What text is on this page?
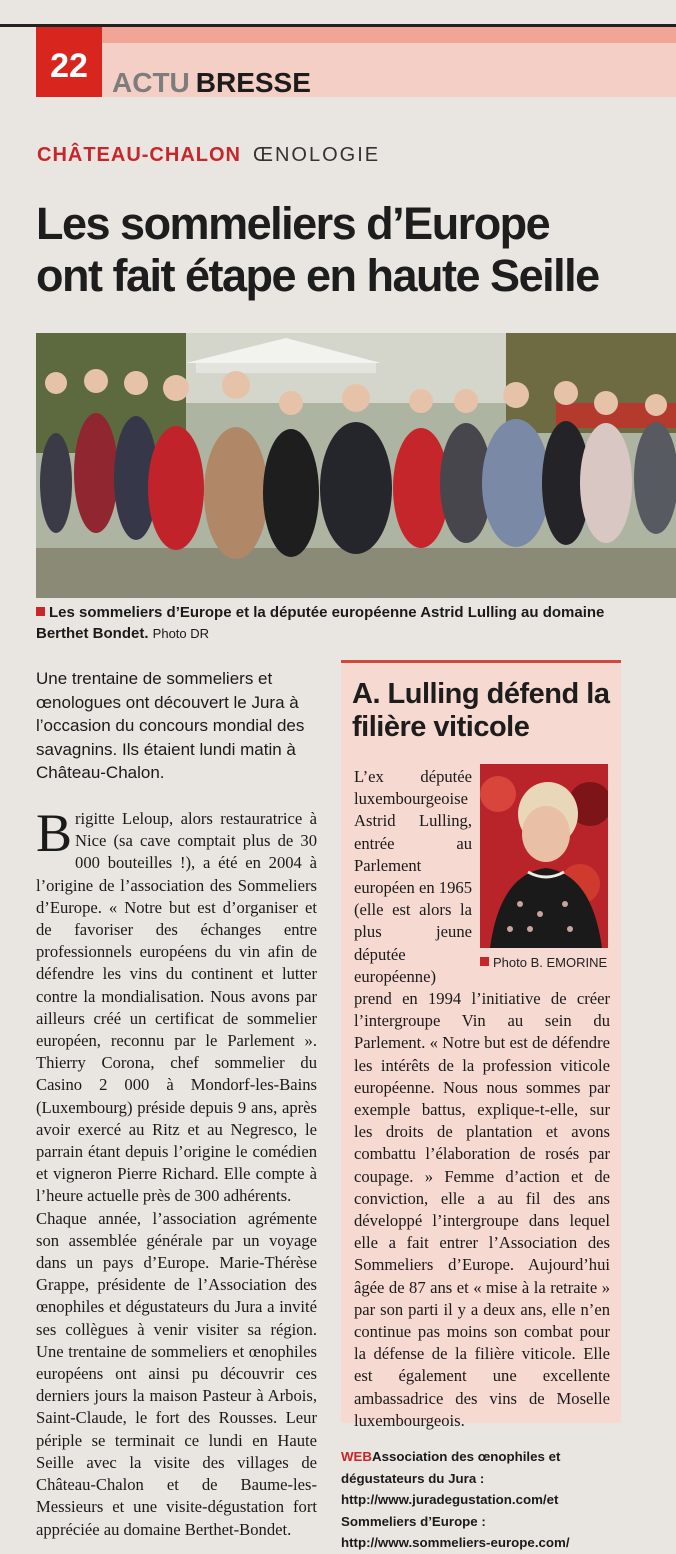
22 ACTU BRESSE
CHÂTEAU-CHALON ŒNOLOGIE
Les sommeliers d’Europe
ont fait étape en haute Seille
Les sommeliers d’Europe et la députée européenne Astrid Lulling au domaine Berthet Bondet. Photo DR
Une trentaine de sommeliers et œnologues ont découvert le Jura à l’occasion du concours mondial des savagnins. Ils étaient lundi matin à Château-Chalon.

Brigitte Leloup, alors restauratrice à Nice (sa cave comptait plus de 30 000 bouteilles !), a été en 2004 à l’origine de l’association des Sommeliers d’Europe. « Notre but est d’organiser et de favoriser des échanges entre professionnels européens du vin afin de défendre les vins du continent et lutter contre la mondialisation. Nous avons par ailleurs créé un certificat de sommelier européen, reconnu par le Parlement ». Thierry Corona, chef sommelier du Casino 2 000 à Mondorf-les-Bains (Luxembourg) préside depuis 9 ans, après avoir exercé au Ritz et au Negresco, le parrain étant depuis l’origine le comédien et vigneron Pierre Richard. Elle compte à l’heure actuelle près de 300 adhérents.

Chaque année, l’association agrémente son assemblée générale par un voyage dans un pays d’Europe. Marie-Thérèse Grappe, présidente de l’Association des œnophiles et dégustateurs du Jura a invité ses collègues à venir visiter sa région. Une trentaine de sommeliers et œnophiles européens ont ainsi pu découvrir ces derniers jours la maison Pasteur à Arbois, Saint-Claude, le fort des Rousses. Leur périple se terminait ce lundi en Haute Seille avec la visite des villages de Château-Chalon et de Baume-les-Messieurs et une visite-dégustation fort appréciée au domaine Berthet-Bondet.

A. Lulling défend la filière viticole
Photo B. EMORINE
L’ex députée luxembourgeoise Astrid Lulling, entrée au Parlement européen en 1965 (elle est alors la plus jeune députée européenne)
prend en 1994 l’initiative de créer l’intergroupe Vin au sein du Parlement. « Notre but est de défendre les intérêts de la profession viticole européenne. Nous nous sommes par exemple battus, explique-t-elle, sur les droits de plantation et avons combattu l’élaboration de rosés par coupage. » Femme d’action et de conviction, elle a au fil des ans développé l’intergroupe dans lequel elle a fait entrer l’Association des Sommeliers d’Europe. Aujourd’hui âgée de 87 ans et « mise à la retraite » par son parti il y a deux ans, elle n’en continue pas moins son combat pour la défense de la filière viticole. Elle est également une excellente ambassadrice des vins de Moselle luxembourgeois.
WEBAssociation des œnophiles et
dégustateurs du Jura :
http://www.juradegustation.com/et
Sommeliers d’Europe :
http://www.sommeliers-europe.com/
